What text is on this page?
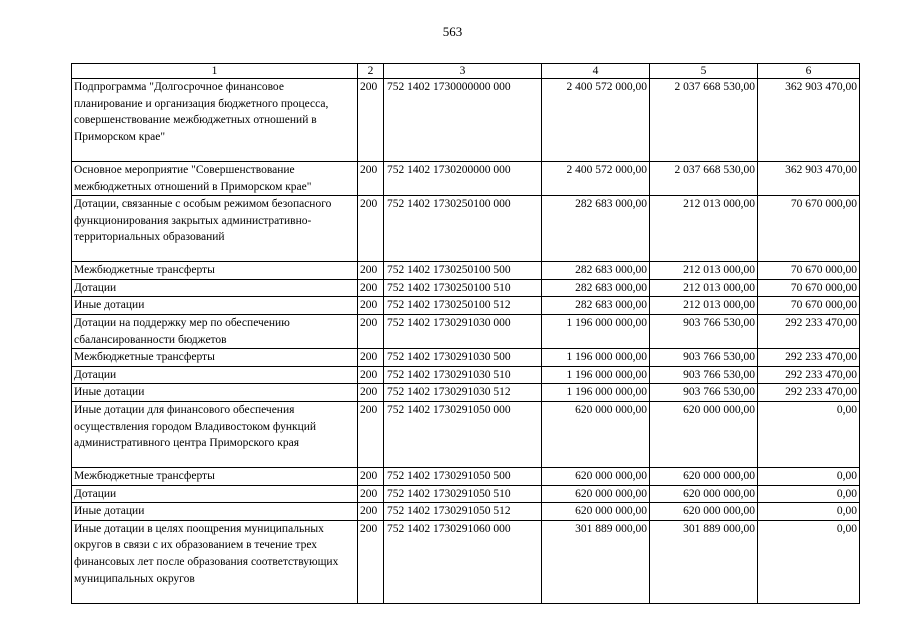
563
1	2	3	4	5	6
Подпрограмма "Долгосрочное финансовое планирование и организация бюджетного процесса, совершенствование межбюджетных отношений в Приморском крае"	200	752 1402 1730000000 000	2 400 572 000,00	2 037 668 530,00	362 903 470,00
Основное мероприятие "Совершенствование межбюджетных отношений в Приморском крае"	200	752 1402 1730200000 000	2 400 572 000,00	2 037 668 530,00	362 903 470,00
Дотации, связанные с особым режимом безопасного функционирования закрытых административно-территориальных образований	200	752 1402 1730250100 000	282 683 000,00	212 013 000,00	70 670 000,00
Межбюджетные трансферты	200	752 1402 1730250100 500	282 683 000,00	212 013 000,00	70 670 000,00
Дотации	200	752 1402 1730250100 510	282 683 000,00	212 013 000,00	70 670 000,00
Иные дотации	200	752 1402 1730250100 512	282 683 000,00	212 013 000,00	70 670 000,00
Дотации на поддержку мер по обеспечению сбалансированности бюджетов	200	752 1402 1730291030 000	1 196 000 000,00	903 766 530,00	292 233 470,00
Межбюджетные трансферты	200	752 1402 1730291030 500	1 196 000 000,00	903 766 530,00	292 233 470,00
Дотации	200	752 1402 1730291030 510	1 196 000 000,00	903 766 530,00	292 233 470,00
Иные дотации	200	752 1402 1730291030 512	1 196 000 000,00	903 766 530,00	292 233 470,00
Иные дотации для финансового обеспечения осуществления городом Владивостоком функций административного центра Приморского края	200	752 1402 1730291050 000	620 000 000,00	620 000 000,00	0,00
Межбюджетные трансферты	200	752 1402 1730291050 500	620 000 000,00	620 000 000,00	0,00
Дотации	200	752 1402 1730291050 510	620 000 000,00	620 000 000,00	0,00
Иные дотации	200	752 1402 1730291050 512	620 000 000,00	620 000 000,00	0,00
Иные дотации в целях поощрения муниципальных округов в связи с их образованием в течение трех финансовых лет после образования соответствующих муниципальных округов	200	752 1402 1730291060 000	301 889 000,00	301 889 000,00	0,00
